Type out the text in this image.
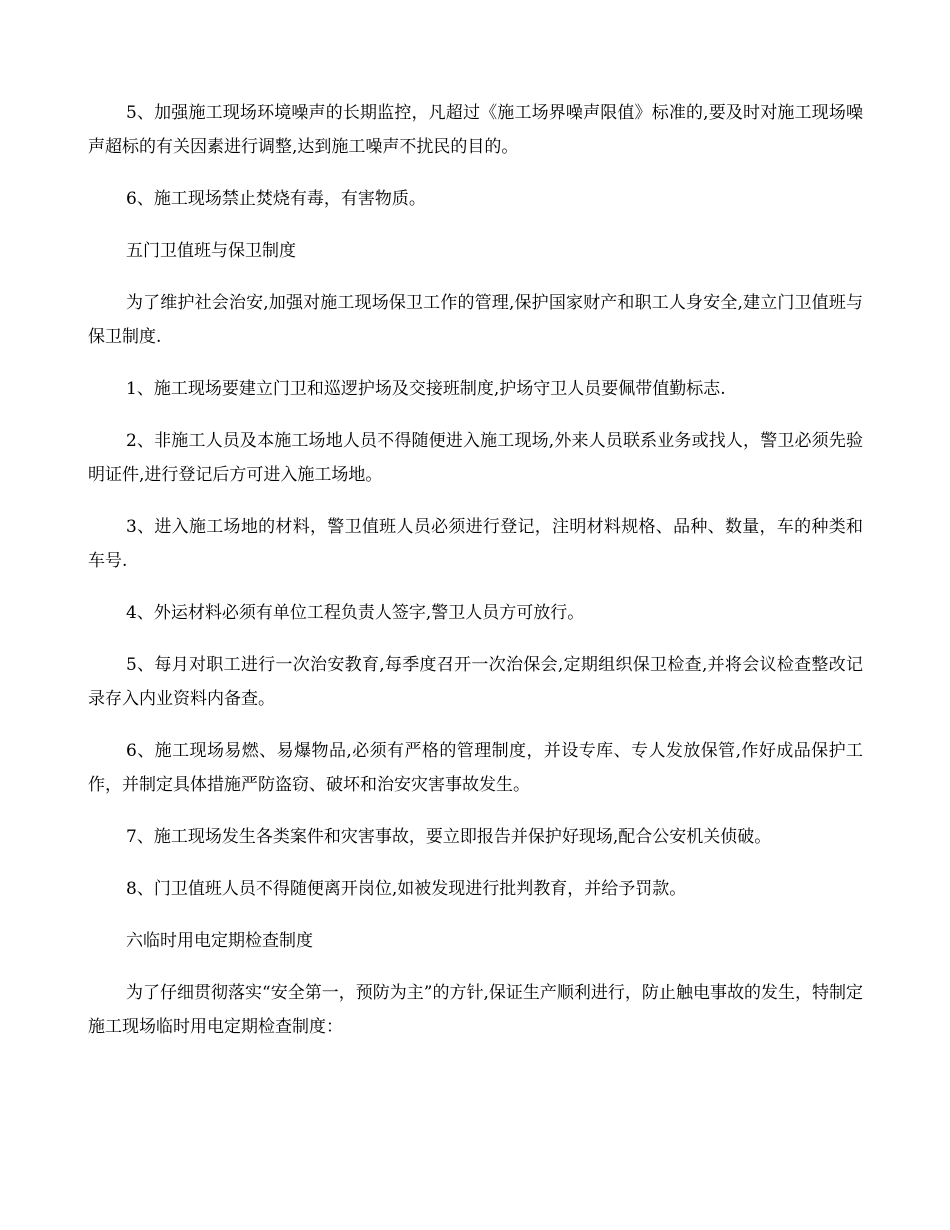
5、加强施工现场环境噪声的长期监控，凡超过《施工场界噪声限值》标准的,要及时对施工现场噪声超标的有关因素进行调整,达到施工噪声不扰民的目的。

6、施工现场禁止焚烧有毒，有害物质。

五门卫值班与保卫制度

为了维护社会治安,加强对施工现场保卫工作的管理,保护国家财产和职工人身安全,建立门卫值班与保卫制度.

1、施工现场要建立门卫和巡逻护场及交接班制度,护场守卫人员要佩带值勤标志.

2、非施工人员及本施工场地人员不得随便进入施工现场,外来人员联系业务或找人，警卫必须先验明证件,进行登记后方可进入施工场地。

3、进入施工场地的材料，警卫值班人员必须进行登记，注明材料规格、品种、数量，车的种类和车号.

4、外运材料必须有单位工程负责人签字,警卫人员方可放行。

5、每月对职工进行一次治安教育,每季度召开一次治保会,定期组织保卫检查,并将会议检查整改记录存入内业资料内备查。

6、施工现场易燃、易爆物品,必须有严格的管理制度，并设专库、专人发放保管,作好成品保护工作，并制定具体措施严防盗窃、破坏和治安灾害事故发生。

7、施工现场发生各类案件和灾害事故，要立即报告并保护好现场,配合公安机关侦破。

8、门卫值班人员不得随便离开岗位,如被发现进行批判教育，并给予罚款。

六临时用电定期检查制度

为了仔细贯彻落实“安全第一，预防为主”的方针,保证生产顺利进行，防止触电事故的发生，特制定施工现场临时用电定期检查制度：
